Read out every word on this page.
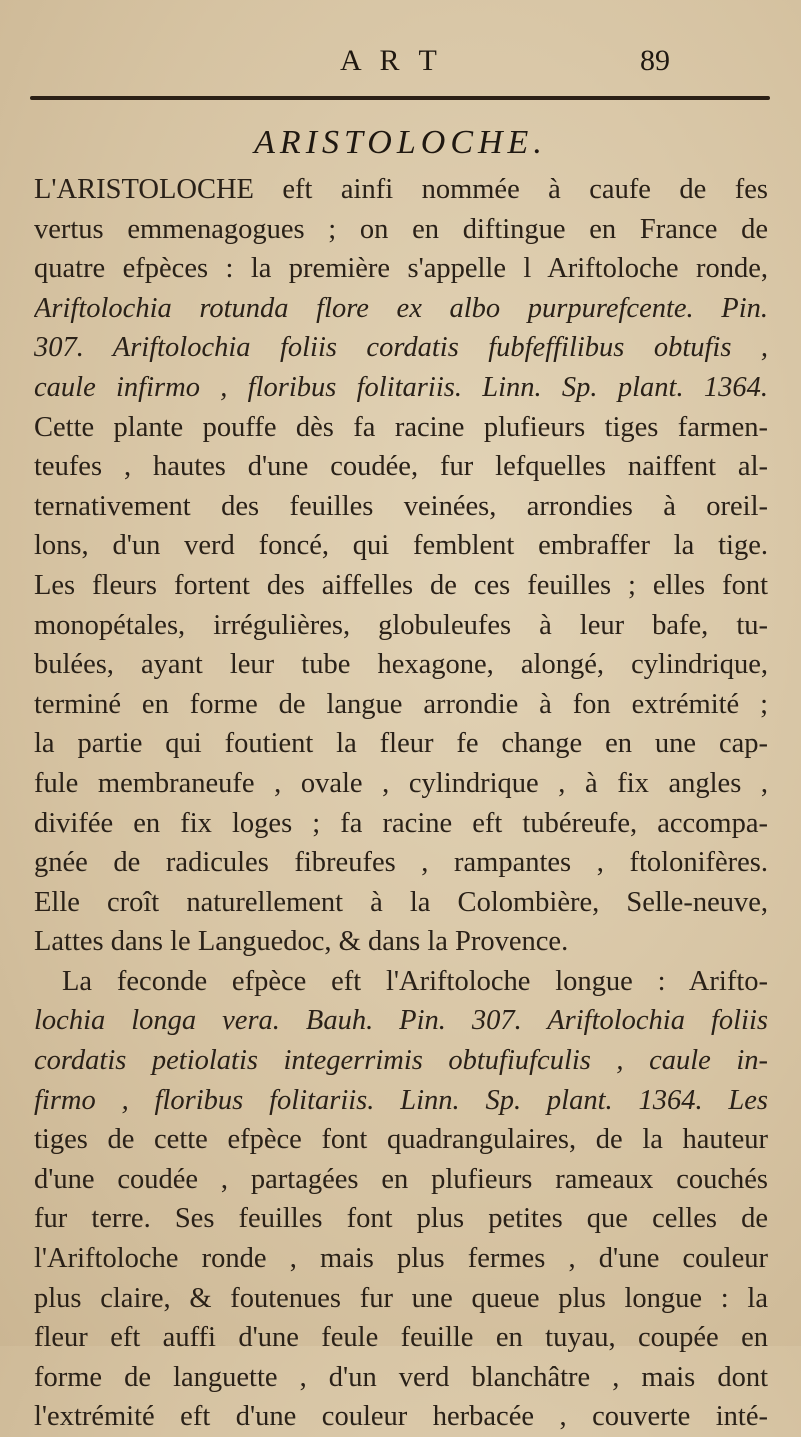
A R T	89
ARISTOLOCHE.
L'ARISTOLOCHE eft ainfi nommée à caufe de fes
vertus emmenagogues ; on en diftingue en France de
quatre efpèces : la première s'appelle l Ariftoloche ronde,
Ariftolochia rotunda flore ex albo purpurefcente. Pin.
307. Ariftolochia foliis cordatis fubfeffilibus obtufis ,
caule infirmo , floribus folitariis. Linn. Sp. plant. 1364.
Cette plante pouffe dès fa racine plufieurs tiges farmen-
teufes , hautes d'une coudée, fur lefquelles naiffent al-
ternativement des feuilles veinées, arrondies à oreil-
lons, d'un verd foncé, qui femblent embraffer la tige.
Les fleurs fortent des aiffelles de ces feuilles ; elles font
monopétales, irrégulières, globuleufes à leur bafe, tu-
bulées, ayant leur tube hexagone, alongé, cylindrique,
terminé en forme de langue arrondie à fon extrémité ;
la partie qui foutient la fleur fe change en une cap-
fule membraneufe , ovale , cylindrique , à fix angles ,
divifée en fix loges ; fa racine eft tubéreufe, accompa-
gnée de radicules fibreufes , rampantes , ftolonifères.
Elle croît naturellement à la Colombière, Selle-neuve,
Lattes dans le Languedoc, & dans la Provence.
La feconde efpèce eft l'Ariftoloche longue : Arifto-
lochia longa vera. Bauh. Pin. 307. Ariftolochia foliis
cordatis petiolatis integerrimis obtufiufculis , caule in-
firmo , floribus folitariis. Linn. Sp. plant. 1364. Les
tiges de cette efpèce font quadrangulaires, de la hauteur
d'une coudée , partagées en plufieurs rameaux couchés
fur terre. Ses feuilles font plus petites que celles de
l'Ariftoloche ronde , mais plus fermes , d'une couleur
plus claire, & foutenues fur une queue plus longue : la
fleur eft auffi d'une feule feuille en tuyau, coupée en
forme de languette , d'un verd blanchâtre , mais dont
l'extrémité eft d'une couleur herbacée , couverte inté-
